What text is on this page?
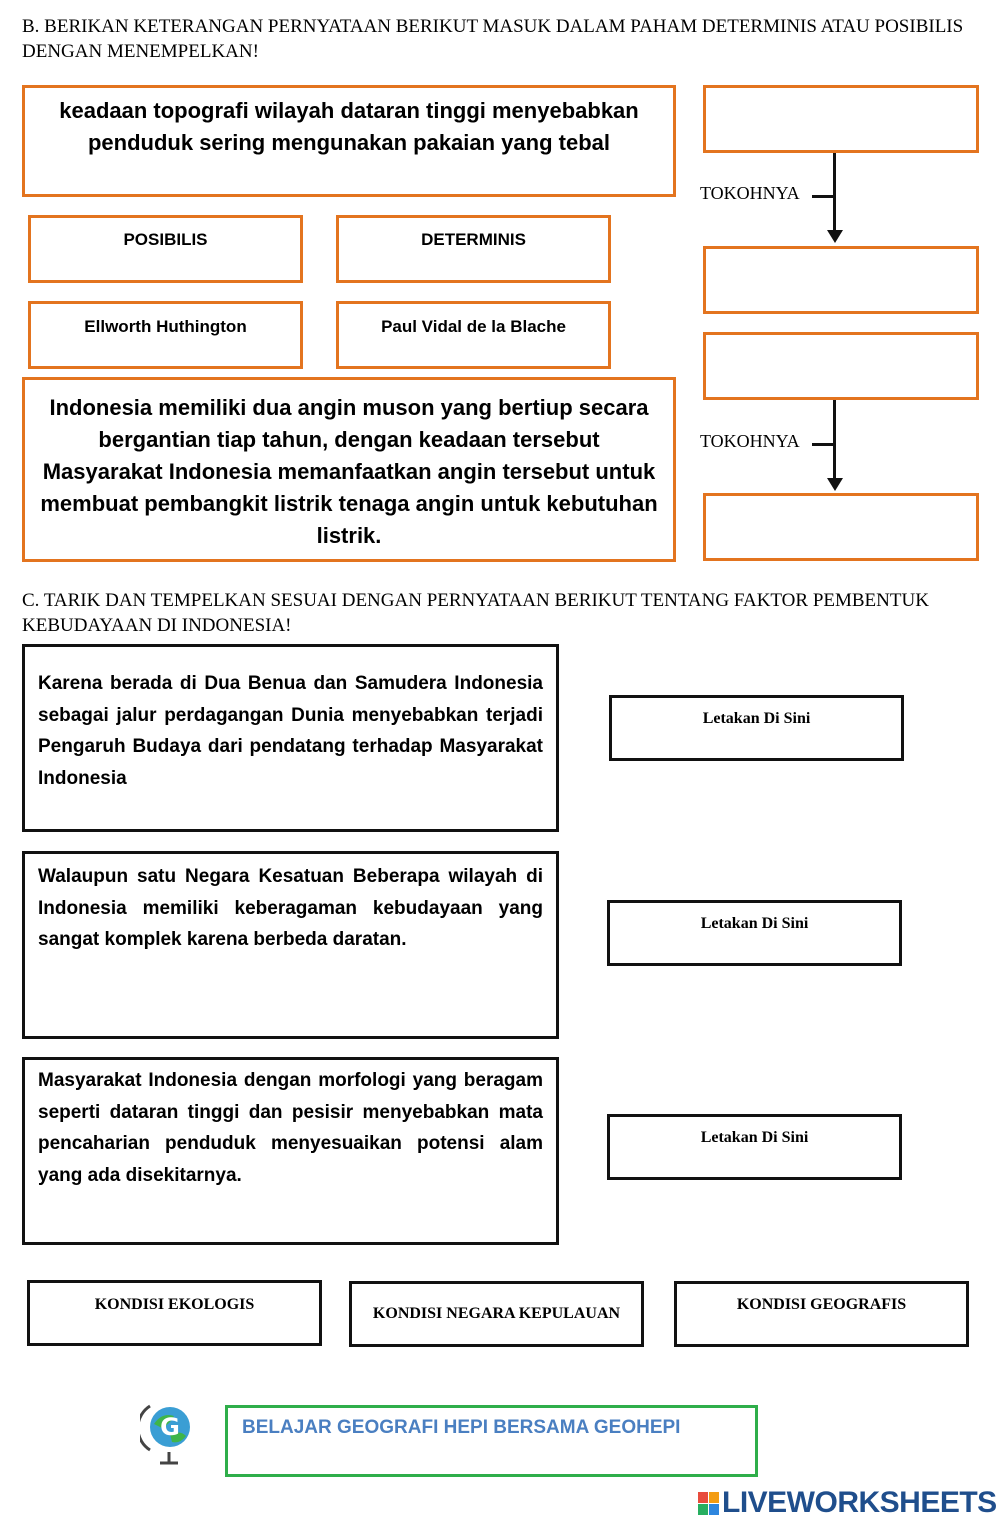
B. BERIKAN KETERANGAN PERNYATAAN BERIKUT MASUK DALAM PAHAM DETERMINIS ATAU POSIBILIS DENGAN MENEMPELKAN!
keadaan topografi wilayah dataran tinggi menyebabkan penduduk sering mengunakan pakaian yang tebal
POSIBILIS	DETERMINIS
Ellworth Huthington	Paul Vidal de la Blache
Indonesia memiliki dua angin muson yang bertiup secara bergantian tiap tahun, dengan keadaan tersebut Masyarakat Indonesia memanfaatkan angin tersebut untuk membuat pembangkit listrik tenaga angin untuk kebutuhan listrik.
TOKOHNYA
TOKOHNYA
C. TARIK DAN TEMPELKAN SESUAI DENGAN PERNYATAAN BERIKUT TENTANG FAKTOR PEMBENTUK KEBUDAYAAN DI INDONESIA!
Karena berada di Dua Benua dan Samudera Indonesia sebagai jalur perdagangan Dunia menyebabkan terjadi Pengaruh Budaya dari pendatang terhadap Masyarakat Indonesia
Walaupun satu Negara Kesatuan Beberapa wilayah di Indonesia memiliki keberagaman kebudayaan yang sangat komplek karena berbeda daratan.
Masyarakat Indonesia dengan morfologi yang beragam seperti dataran tinggi dan pesisir menyebabkan mata pencaharian penduduk menyesuaikan potensi alam yang ada disekitarnya.
Letakan Di Sini
Letakan Di Sini
Letakan Di Sini
KONDISI EKOLOGIS
KONDISI NEGARA KEPULAUAN
KONDISI GEOGRAFIS
G	BELAJAR GEOGRAFI HEPI BERSAMA GEOHEPI
LIVEWORKSHEETS
